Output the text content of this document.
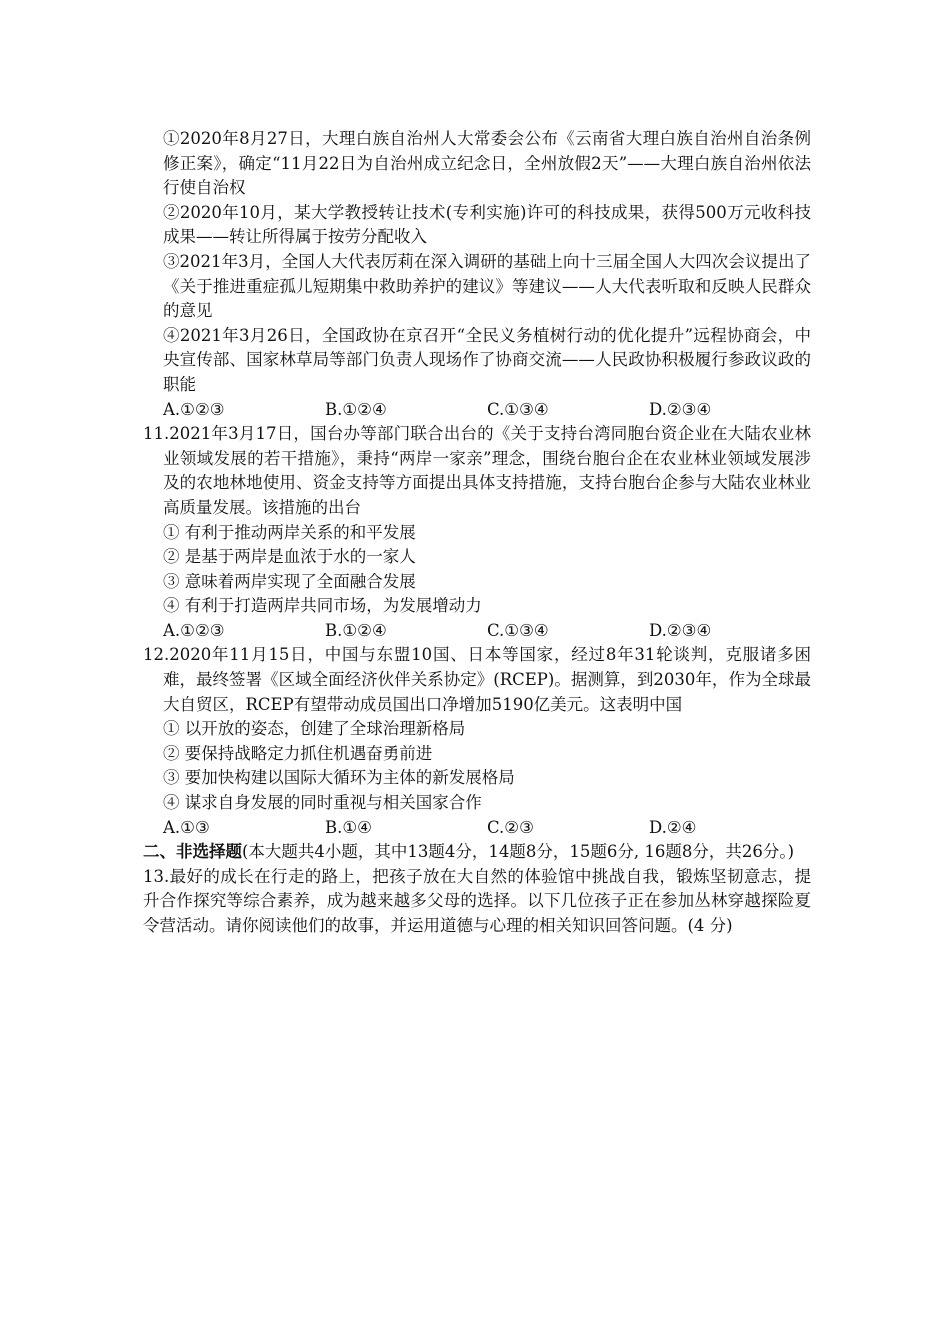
①2020年8月27日，大理白族自治州人大常委会公布《云南省大理白族自治州自治条例修正案》，确定“11月22日为自治州成立纪念日，全州放假2天”——大理白族自治州依法行使自治权

②2020年10月，某大学教授转让技术(专利实施)许可的科技成果，获得500万元收科技成果——转让所得属于按劳分配收入

③2021年3月，全国人大代表厉莉在深入调研的基础上向十三届全国人大四次会议提出了《关于推进重症孤儿短期集中救助养护的建议》等建议——人大代表听取和反映人民群众的意见

④2021年3月26日，全国政协在京召开“全民义务植树行动的优化提升”远程协商会，中央宣传部、国家林草局等部门负责人现场作了协商交流——人民政协积极履行参政议政的职能

A.①②③	B.①②④	C.①③④	D.②③④

11.2021年3月17日，国台办等部门联合出台的《关于支持台湾同胞台资企业在大陆农业林业领域发展的若干措施》，秉持“两岸一家亲”理念，围绕台胞台企在农业林业领域发展涉及的农地林地使用、资金支持等方面提出具体支持措施，支持台胞台企参与大陆农业林业高质量发展。该措施的出台

① 有利于推动两岸关系的和平发展

② 是基于两岸是血浓于水的一家人

③ 意味着两岸实现了全面融合发展

④ 有利于打造两岸共同市场，为发展增动力

A.①②③	B.①②④	C.①③④	D.②③④

12.2020年11月15日，中国与东盟10国、日本等国家，经过8年31轮谈判，克服诸多困难，最终签署《区域全面经济伙伴关系协定》(RCEP)。据测算，到2030年，作为全球最大自贸区，RCEP有望带动成员国出口净增加5190亿美元。这表明中国

① 以开放的姿态，创建了全球治理新格局

② 要保持战略定力抓住机遇奋勇前进

③ 要加快构建以国际大循环为主体的新发展格局

④ 谋求自身发展的同时重视与相关国家合作

A.①③	B.①④	C.②③	D.②④

二、非选择题(本大题共4小题，其中13题4分，14题8分，15题6分, 16题8分，共26分。)

13.最好的成长在行走的路上，把孩子放在大自然的体验馆中挑战自我，锻炼坚韧意志，提升合作探究等综合素养，成为越来越多父母的选择。以下几位孩子正在参加丛林穿越探险夏令营活动。请你阅读他们的故事，并运用道德与心理的相关知识回答问题。(4 分)
